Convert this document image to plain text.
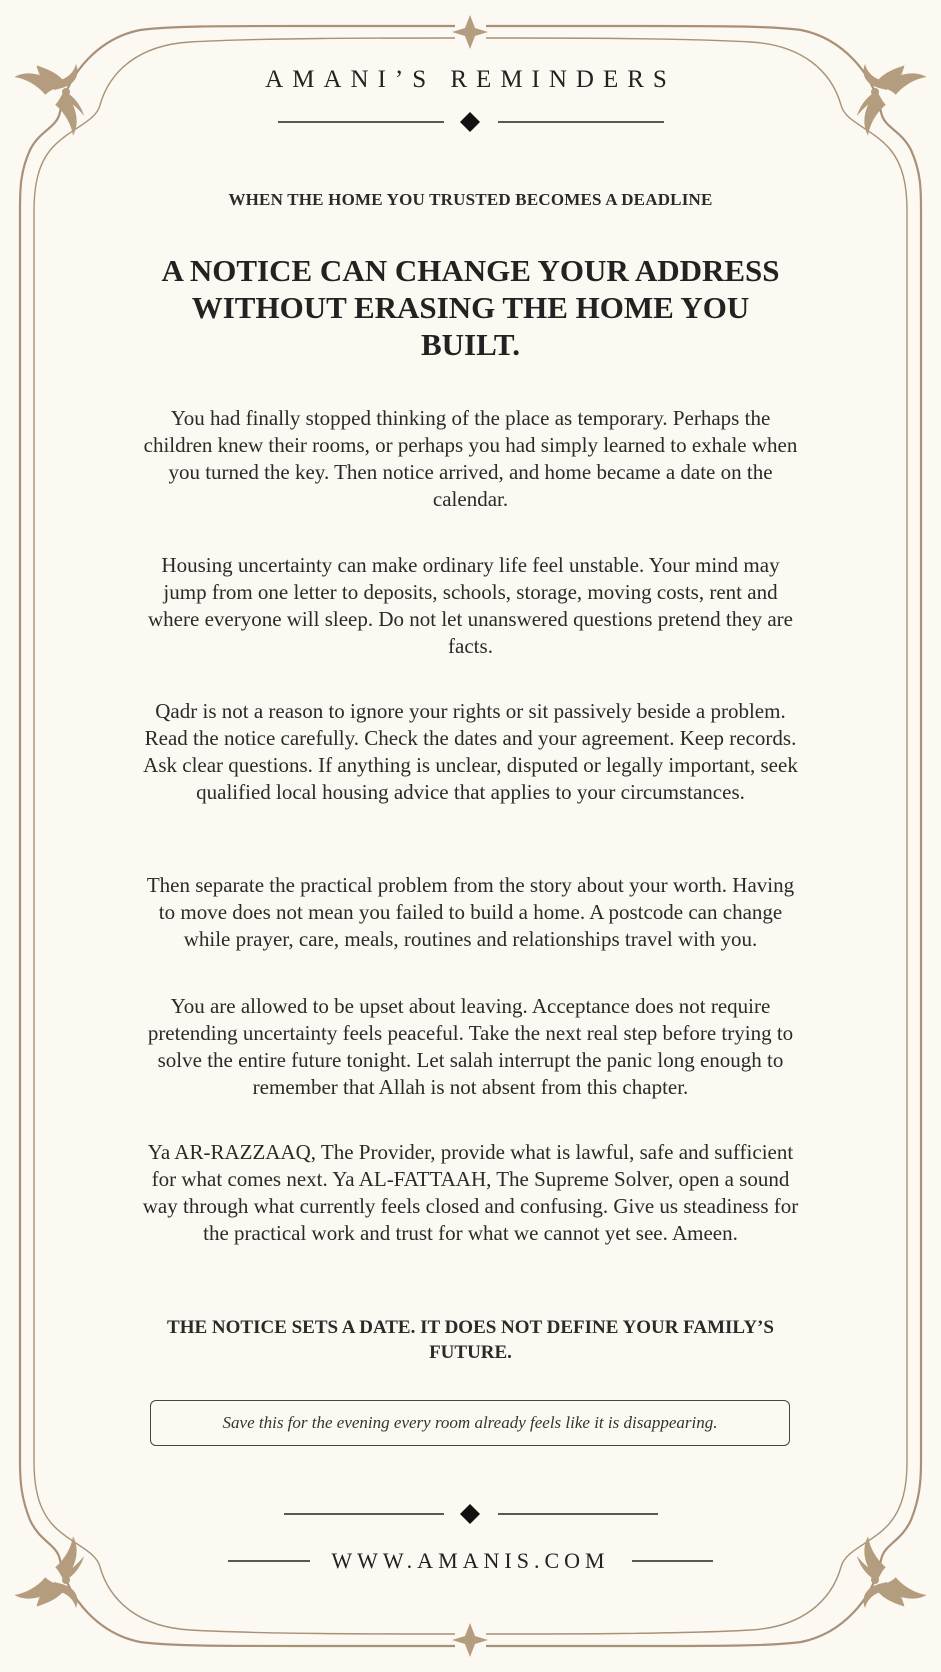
AMANI’S REMINDERS
WHEN THE HOME YOU TRUSTED BECOMES A DEADLINE
A NOTICE CAN CHANGE YOUR ADDRESS WITHOUT ERASING THE HOME YOU BUILT.
You had finally stopped thinking of the place as temporary. Perhaps the children knew their rooms, or perhaps you had simply learned to exhale when you turned the key. Then notice arrived, and home became a date on the calendar.
Housing uncertainty can make ordinary life feel unstable. Your mind may jump from one letter to deposits, schools, storage, moving costs, rent and where everyone will sleep. Do not let unanswered questions pretend they are facts.
Qadr is not a reason to ignore your rights or sit passively beside a problem. Read the notice carefully. Check the dates and your agreement. Keep records. Ask clear questions. If anything is unclear, disputed or legally important, seek qualified local housing advice that applies to your circumstances.
Then separate the practical problem from the story about your worth. Having to move does not mean you failed to build a home. A postcode can change while prayer, care, meals, routines and relationships travel with you.
You are allowed to be upset about leaving. Acceptance does not require pretending uncertainty feels peaceful. Take the next real step before trying to solve the entire future tonight. Let salah interrupt the panic long enough to remember that Allah is not absent from this chapter.
Ya AR-RAZZAAQ, The Provider, provide what is lawful, safe and sufficient for what comes next. Ya AL-FATTAAH, The Supreme Solver, open a sound way through what currently feels closed and confusing. Give us steadiness for the practical work and trust for what we cannot yet see. Ameen.
THE NOTICE SETS A DATE. IT DOES NOT DEFINE YOUR FAMILY’S FUTURE.
Save this for the evening every room already feels like it is disappearing.
WWW.AMANIS.COM
